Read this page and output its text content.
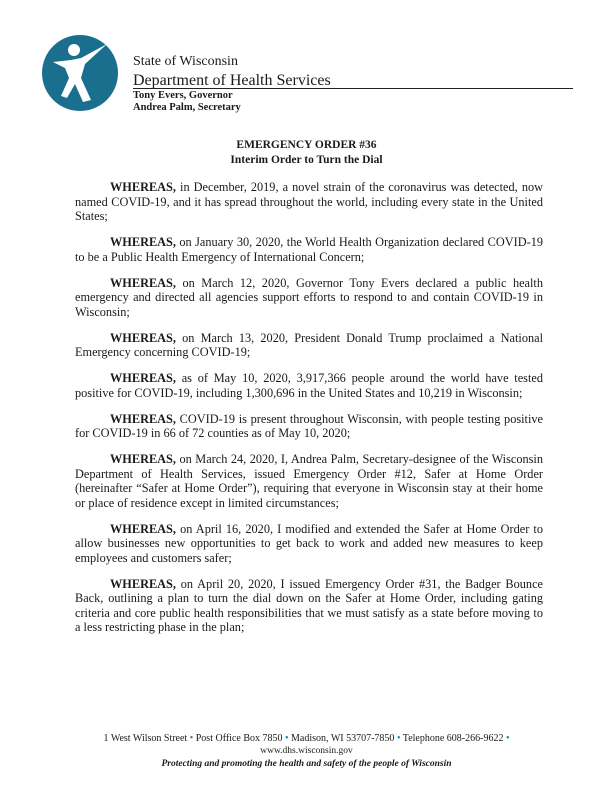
State of Wisconsin

Department of Health Services

Tony Evers, Governor
Andrea Palm, Secretary
EMERGENCY ORDER #36
Interim Order to Turn the Dial

WHEREAS, in December, 2019, a novel strain of the coronavirus was detected, now named COVID-19, and it has spread throughout the world, including every state in the United States;

WHEREAS, on January 30, 2020, the World Health Organization declared COVID-19 to be a Public Health Emergency of International Concern;

WHEREAS, on March 12, 2020, Governor Tony Evers declared a public health emergency and directed all agencies support efforts to respond to and contain COVID-19 in Wisconsin;

WHEREAS, on March 13, 2020, President Donald Trump proclaimed a National Emergency concerning COVID-19;

WHEREAS, as of May 10, 2020, 3,917,366 people around the world have tested positive for COVID-19, including 1,300,696 in the United States and 10,219 in Wisconsin;

WHEREAS, COVID-19 is present throughout Wisconsin, with people testing positive for COVID-19 in 66 of 72 counties as of May 10, 2020;

WHEREAS, on March 24, 2020, I, Andrea Palm, Secretary-designee of the Wisconsin Department of Health Services, issued Emergency Order #12, Safer at Home Order (hereinafter “Safer at Home Order”), requiring that everyone in Wisconsin stay at their home or place of residence except in limited circumstances;

WHEREAS, on April 16, 2020, I modified and extended the Safer at Home Order to allow businesses new opportunities to get back to work and added new measures to keep employees and customers safer;

WHEREAS, on April 20, 2020, I issued Emergency Order #31, the Badger Bounce Back, outlining a plan to turn the dial down on the Safer at Home Order, including gating criteria and core public health responsibilities that we must satisfy as a state before moving to a less restricting phase in the plan;

1 West Wilson Street • Post Office Box 7850 • Madison, WI 53707-7850 • Telephone 608-266-9622 •
www.dhs.wisconsin.gov
Protecting and promoting the health and safety of the people of Wisconsin
